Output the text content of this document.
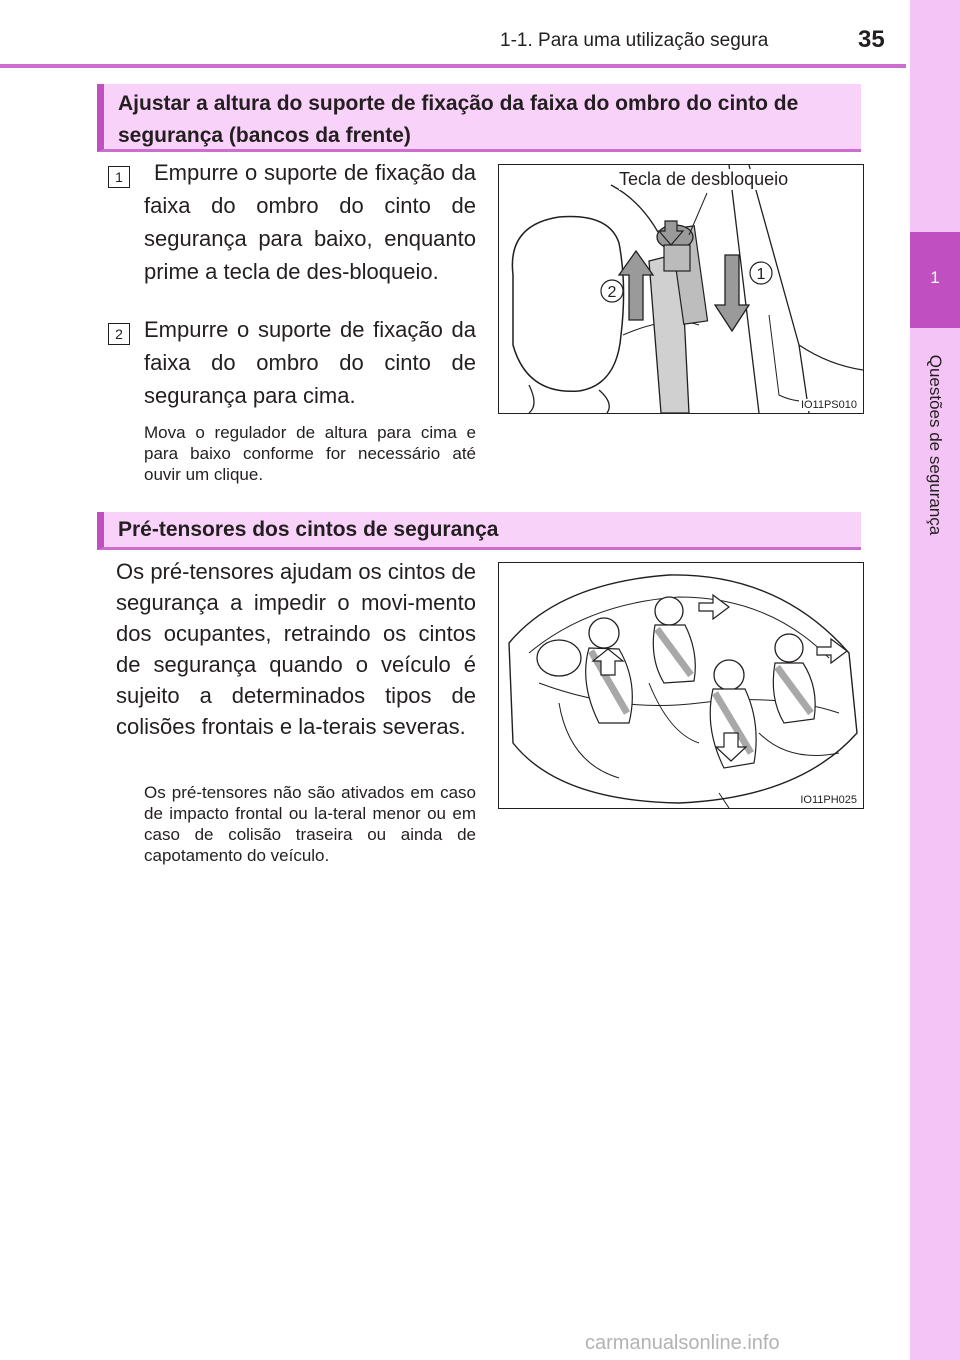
1-1. Para uma utilização segura	35
1
Questões de segurança
Ajustar a altura do suporte de fixação da faixa do ombro do cinto de segurança (bancos da frente)
1	Empurre o suporte de fixação da faixa do ombro do cinto de segurança para baixo, enquanto prime a tecla de des-bloqueio.
2 Empurre o suporte de fixação da faixa do ombro do cinto de segurança para cima.
Mova o regulador de altura para cima e para baixo conforme for necessário até ouvir um clique.
2
1
Tecla de desbloqueio
IO11PS010
Pré-tensores dos cintos de segurança
Os pré-tensores ajudam os cintos de segurança a impedir o movi-mento dos ocupantes, retraindo os cintos de segurança quando o veículo é sujeito a determinados tipos de colisões frontais e la-terais severas.
Os pré-tensores não são ativados em caso de impacto frontal ou la-teral menor ou em caso de colisão traseira ou ainda de capotamento do veículo.
IO11PH025
carmanualsonline.info
